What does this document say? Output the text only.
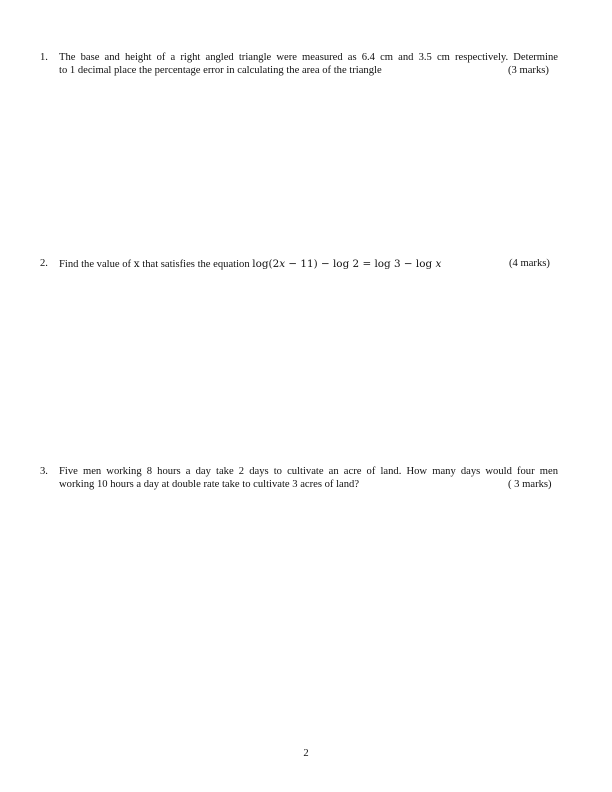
1. The base and height of a right angled triangle were measured as 6.4 cm and 3.5 cm respectively. Determine
to 1 decimal place the percentage error in calculating the area of the triangle	(3 marks)
2. Find the value of x that satisfies the equation log(2x − 11) − log 2 = log 3 − log x	(4 marks)
3. Five men working 8 hours a day take 2 days to cultivate an acre of land. How many days would four men
working 10 hours a day at double rate take to cultivate 3 acres of land?	( 3 marks)
2
